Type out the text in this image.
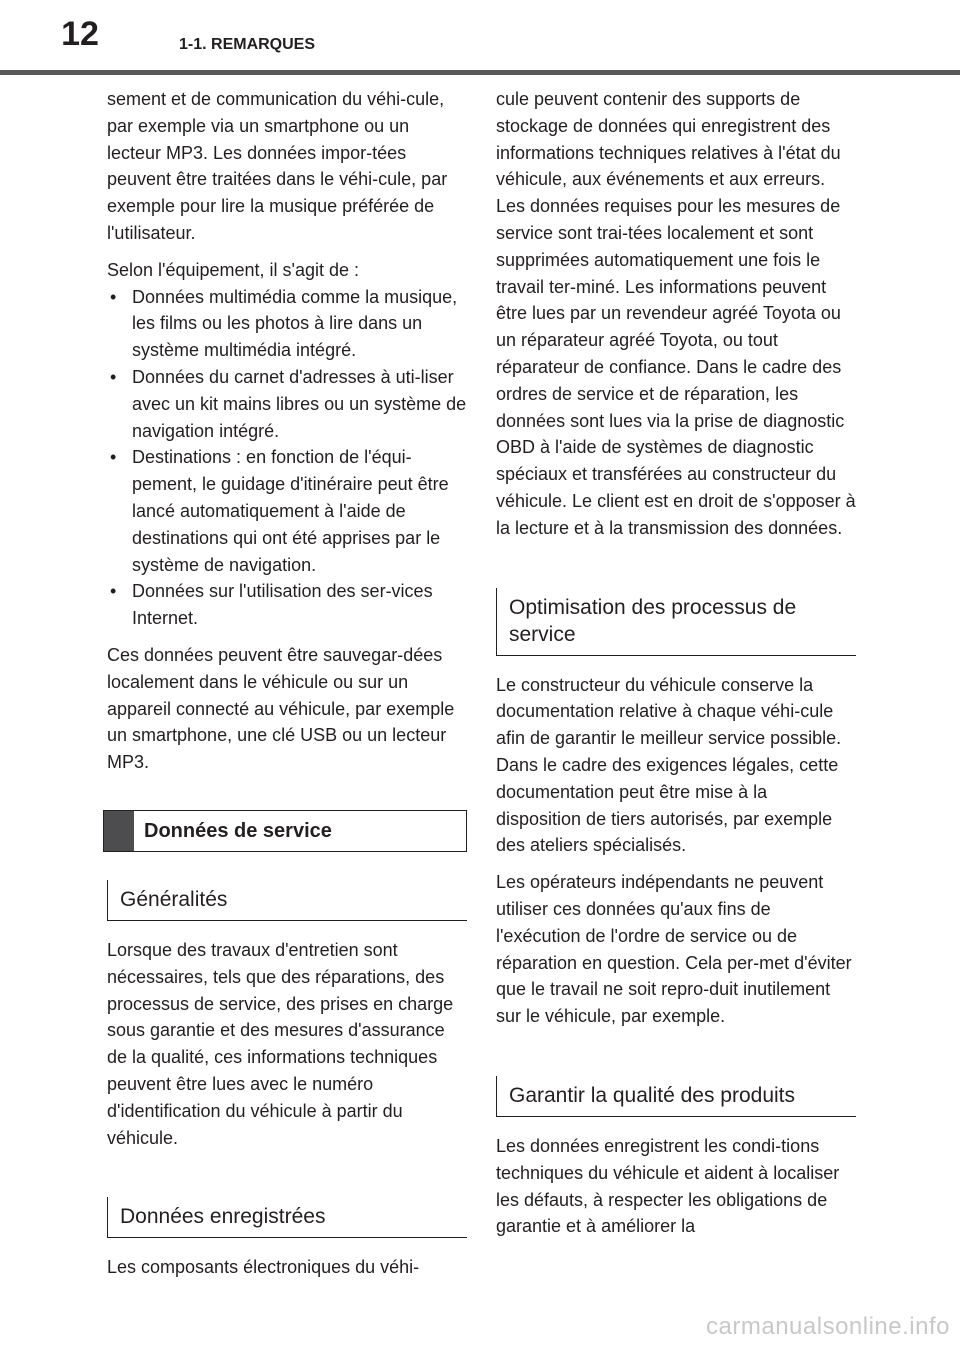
12	1-1. REMARQUES

sement et de communication du véhi-cule, par exemple via un smartphone ou un lecteur MP3. Les données impor-tées peuvent être traitées dans le véhi-cule, par exemple pour lire la musique préférée de l'utilisateur.

Selon l'équipement, il s'agit de :

• Données multimédia comme la musique, les films ou les photos à lire dans un système multimédia intégré.
• Données du carnet d'adresses à uti-liser avec un kit mains libres ou un système de navigation intégré.
• Destinations : en fonction de l'équi-pement, le guidage d'itinéraire peut être lancé automatiquement à l'aide de destinations qui ont été apprises par le système de navigation.
• Données sur l'utilisation des ser-vices Internet.

Ces données peuvent être sauvegar-dées localement dans le véhicule ou sur un appareil connecté au véhicule, par exemple un smartphone, une clé USB ou un lecteur MP3.

Données de service
Généralités

Lorsque des travaux d'entretien sont nécessaires, tels que des réparations, des processus de service, des prises en charge sous garantie et des mesures d'assurance de la qualité, ces informations techniques peuvent être lues avec le numéro d'identification du véhicule à partir du véhicule.

Données enregistrées

Les composants électroniques du véhi-

cule peuvent contenir des supports de stockage de données qui enregistrent des informations techniques relatives à l'état du véhicule, aux événements et aux erreurs. Les données requises pour les mesures de service sont trai-tées localement et sont supprimées automatiquement une fois le travail ter-miné. Les informations peuvent être lues par un revendeur agréé Toyota ou un réparateur agréé Toyota, ou tout réparateur de confiance. Dans le cadre des ordres de service et de réparation, les données sont lues via la prise de diagnostic OBD à l'aide de systèmes de diagnostic spéciaux et transférées au constructeur du véhicule. Le client est en droit de s'opposer à la lecture et à la transmission des données.

Optimisation des processus de service

Le constructeur du véhicule conserve la documentation relative à chaque véhi-cule afin de garantir le meilleur service possible. Dans le cadre des exigences légales, cette documentation peut être mise à la disposition de tiers autorisés, par exemple des ateliers spécialisés.

Les opérateurs indépendants ne peuvent utiliser ces données qu'aux fins de l'exécution de l'ordre de service ou de réparation en question. Cela per-met d'éviter que le travail ne soit repro-duit inutilement sur le véhicule, par exemple.

Garantir la qualité des produits

Les données enregistrent les condi-tions techniques du véhicule et aident à localiser les défauts, à respecter les obligations de garantie et à améliorer la

carmanualsonline.info
